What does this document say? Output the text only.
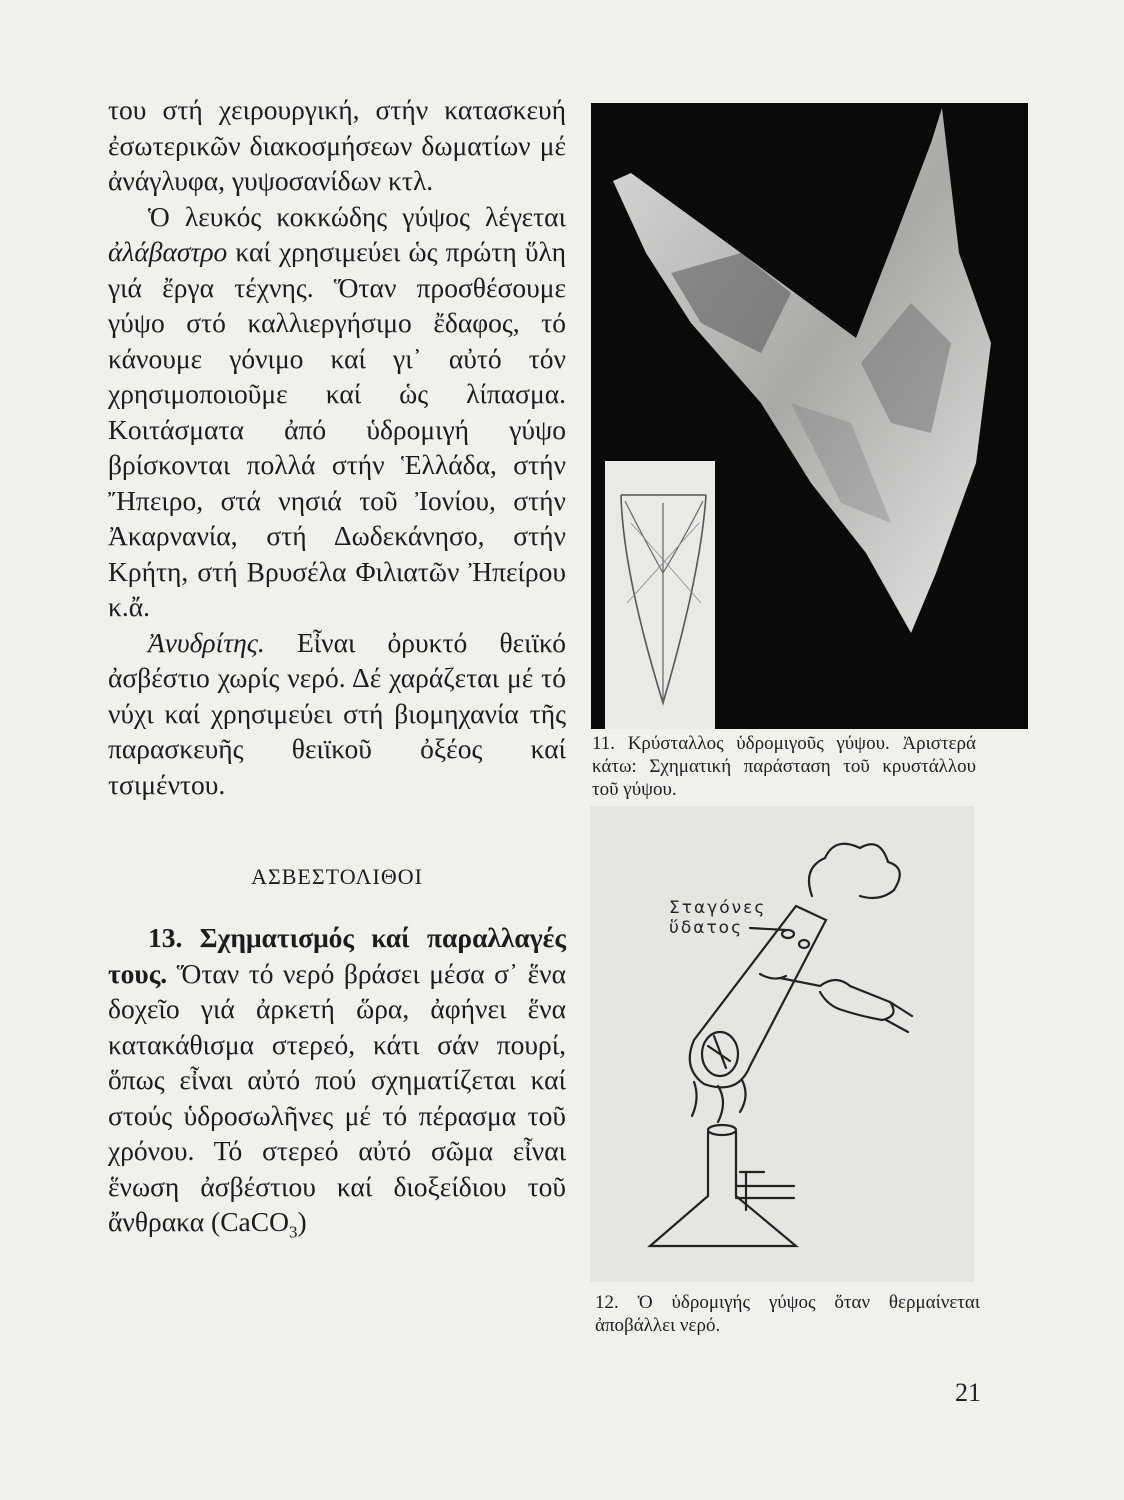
του στή χειρουργική, στήν κατασκευή ἐσωτερικῶν διακοσμήσεων δωματίων μέ ἀνάγλυφα, γυψοσανίδων κτλ.

Ὁ λευκός κοκκώδης γύψος λέγεται ἀλάβαστρο καί χρησιμεύει ὡς πρώτη ὕλη γιά ἔργα τέχνης. Ὅταν προσθέσουμε γύψο στό καλλιεργήσιμο ἔδαφος, τό κάνουμε γόνιμο καί γι᾽ αὐτό τόν χρησιμοποιοῦμε καί ὡς λίπασμα. Κοιτάσματα ἀπό ὑδρομιγή γύψο βρίσκονται πολλά στήν Ἑλλάδα, στήν Ἤπειρο, στά νησιά τοῦ Ἰονίου, στήν Ἀκαρνανία, στή Δωδεκάνησο, στήν Κρήτη, στή Βρυσέλα Φιλιατῶν Ἠπείρου κ.ἄ.

Ἀνυδρίτης. Εἶναι ὀρυκτό θειϊκό ἀσβέστιο χωρίς νερό. Δέ χαράζεται μέ τό νύχι καί χρησιμεύει στή βιομηχανία τῆς παρασκευῆς θειϊκοῦ ὀξέος καί τσιμέντου.

ΑΣΒΕΣΤΟΛΙΘΟΙ

13. Σχηματισμός καί παραλλαγές τους. Ὅταν τό νερό βράσει μέσα σ᾽ ἕνα δοχεῖο γιά ἀρκετή ὥρα, ἀφήνει ἕνα κατακάθισμα στερεό, κάτι σάν πουρί, ὅπως εἶναι αὐτό πού σχηματίζεται καί στούς ὑδροσωλῆνες μέ τό πέρασμα τοῦ χρόνου. Τό στερεό αὐτό σῶμα εἶναι ἕνωση ἀσβέστιου καί διοξείδιου τοῦ ἄνθρακα (CaCO$_3$)

11. Κρύσταλλος ὑδρομιγοῦς γύψου. Ἀριστερά κάτω: Σχηματική παράσταση τοῦ κρυστάλλου τοῦ γύψου.
Σταγόνες ὕδατος
12. Ὁ ὑδρομιγής γύψος ὅταν θερμαίνεται ἀποβάλλει νερό.
21
